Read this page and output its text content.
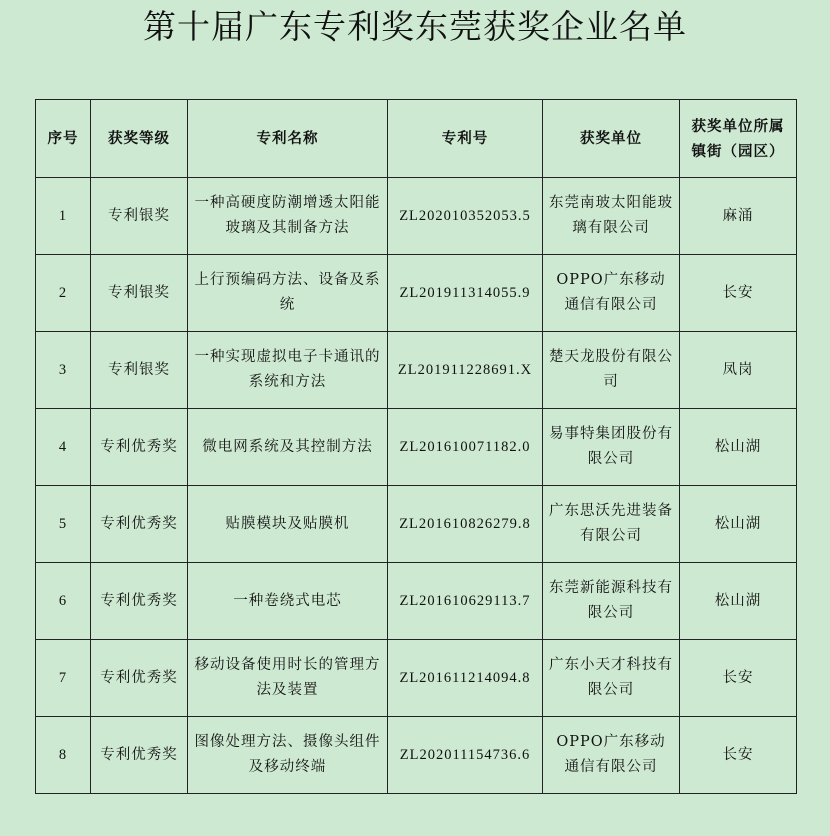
第十届广东专利奖东莞获奖企业名单
序号	获奖等级	专利名称	专利号	获奖单位	获奖单位所属镇街（园区）
1	专利银奖	一种高硬度防潮增透太阳能玻璃及其制备方法	ZL202010352053.5	东莞南玻太阳能玻璃有限公司	麻涌
2	专利银奖	上行预编码方法、设备及系统	ZL201911314055.9	OPPO广东移动通信有限公司	长安
3	专利银奖	一种实现虚拟电子卡通讯的系统和方法	ZL201911228691.X	楚天龙股份有限公司	凤岗
4	专利优秀奖	微电网系统及其控制方法	ZL201610071182.0	易事特集团股份有限公司	松山湖
5	专利优秀奖	贴膜模块及贴膜机	ZL201610826279.8	广东思沃先进装备有限公司	松山湖
6	专利优秀奖	一种卷绕式电芯	ZL201610629113.7	东莞新能源科技有限公司	松山湖
7	专利优秀奖	移动设备使用时长的管理方法及装置	ZL201611214094.8	广东小天才科技有限公司	长安
8	专利优秀奖	图像处理方法、摄像头组件及移动终端	ZL202011154736.6	OPPO广东移动通信有限公司	长安
